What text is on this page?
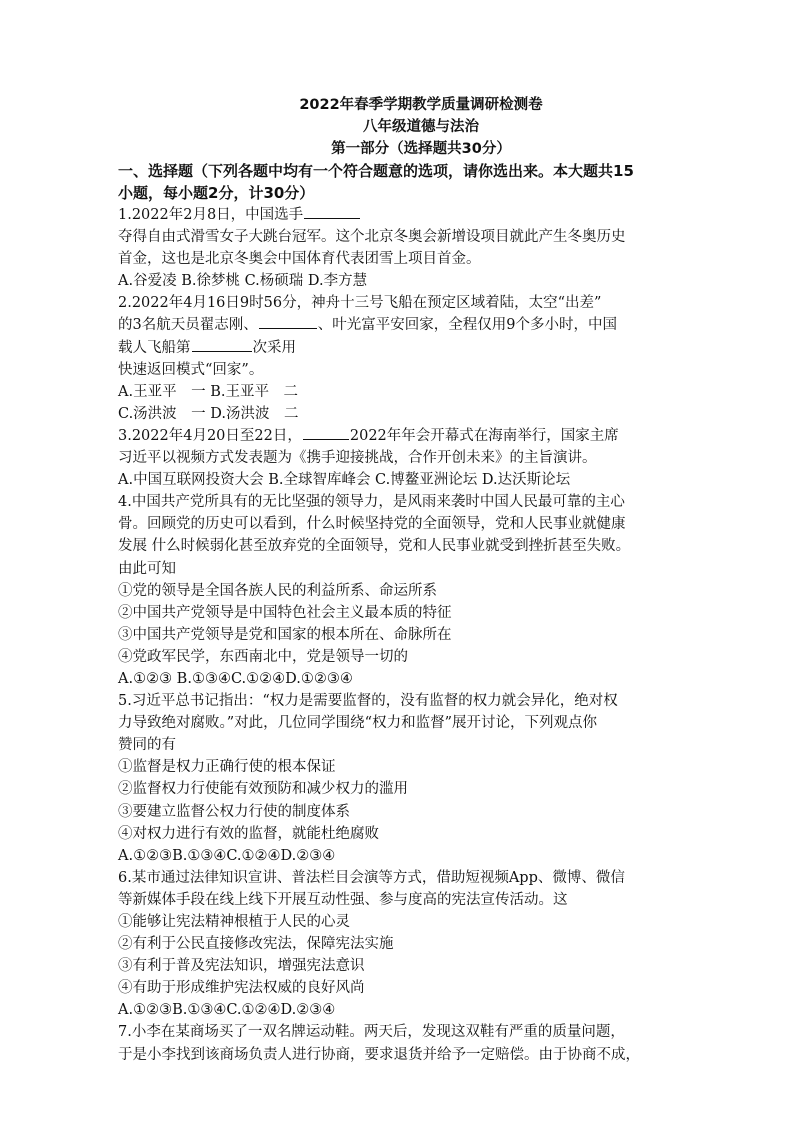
2022年春季学期教学质量调研检测卷
八年级道德与法治
第一部分（选择题共30分）
一、选择题（下列各题中均有一个符合题意的选项，请你选出来。本大题共15
小题，每小题2分，计30分）
1.2022年2月8日，中国选手
夺得自由式滑雪女子大跳台冠军。这个北京冬奥会新增设项目就此产生冬奥历史
首金，这也是北京冬奥会中国体育代表团雪上项目首金。
A.谷爱凌 B.徐梦桃 C.杨硕瑞 D.李方慧
2.2022年4月16日9时56分，神舟十三号飞船在预定区域着陆，太空“出差”
的3名航天员翟志刚、	、叶光富平安回家，全程仅用9个多小时，中国
载人飞船第	次采用
快速返回模式“回家”。
A.王亚平　一 B.王亚平　二
C.汤洪波　一 D.汤洪波　二
3.2022年4月20日至22日，	2022年年会开幕式在海南举行，国家主席
习近平以视频方式发表题为《携手迎接挑战，合作开创未来》的主旨演讲。
A.中国互联网投资大会 B.全球智库峰会 C.博鳌亚洲论坛 D.达沃斯论坛
4.中国共产党所具有的无比坚强的领导力，是风雨来袭时中国人民最可靠的主心
骨。回顾党的历史可以看到，什么时候坚持党的全面领导，党和人民事业就健康
发展 什么时候弱化甚至放弃党的全面领导，党和人民事业就受到挫折甚至失败。
由此可知
①党的领导是全国各族人民的利益所系、命运所系
②中国共产党领导是中国特色社会主义最本质的特征
③中国共产党领导是党和国家的根本所在、命脉所在
④党政军民学，东西南北中，党是领导一切的
A.①②③ B.①③④C.①②④D.①②③④
5.习近平总书记指出：“权力是需要监督的，没有监督的权力就会异化，绝对权
力导致绝对腐败。”对此，几位同学围绕“权力和监督”展开讨论，下列观点你
赞同的有
①监督是权力正确行使的根本保证
②监督权力行使能有效预防和减少权力的滥用
③要建立监督公权力行使的制度体系
④对权力进行有效的监督，就能杜绝腐败
A.①②③B.①③④C.①②④D.②③④
6.某市通过法律知识宣讲、普法栏目会演等方式，借助短视频App、微博、微信
等新媒体手段在线上线下开展互动性强、参与度高的宪法宣传活动。这
①能够让宪法精神根植于人民的心灵
②有利于公民直接修改宪法，保障宪法实施
③有利于普及宪法知识，增强宪法意识
④有助于形成维护宪法权威的良好风尚
A.①②③B.①③④C.①②④D.②③④
7.小李在某商场买了一双名牌运动鞋。两天后，发现这双鞋有严重的质量问题，
于是小李找到该商场负责人进行协商，要求退货并给予一定赔偿。由于协商不成，
